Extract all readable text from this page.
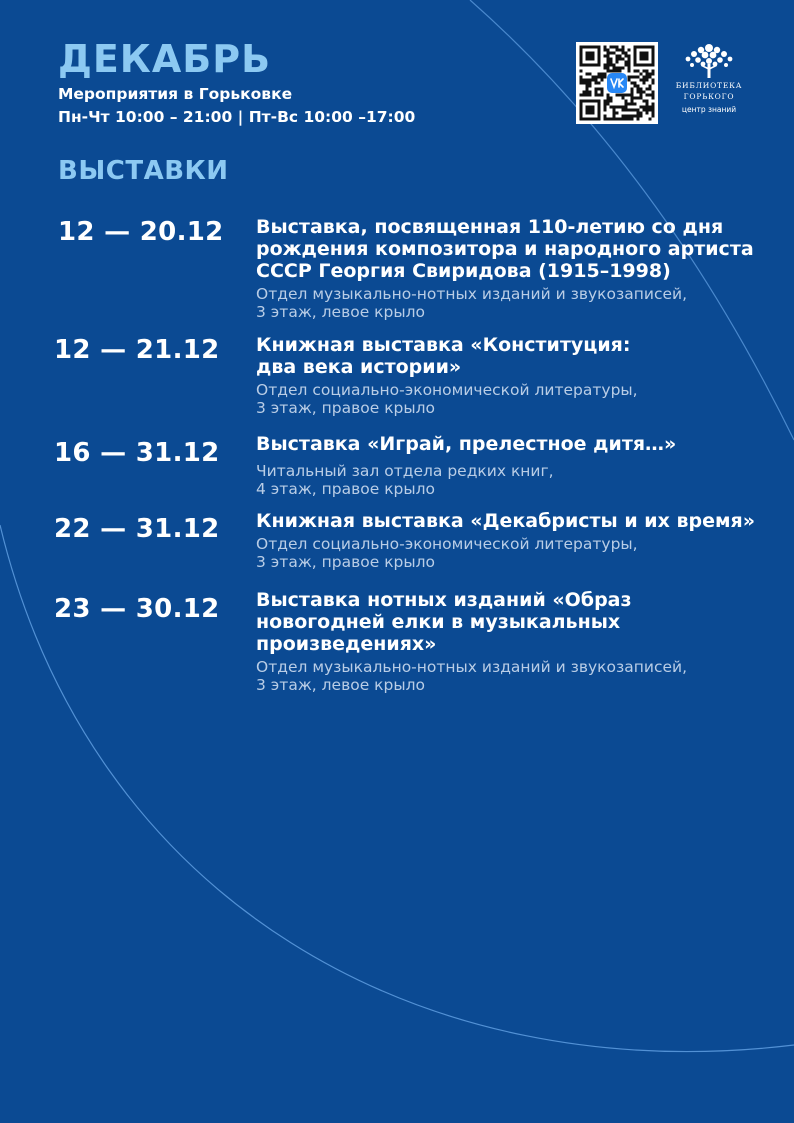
ДЕКАБРЬ
Мероприятия в Горьковке
Пн-Чт 10:00 – 21:00 | Пт-Вс 10:00 –17:00
БИБЛИОТЕКА
ГОРЬКОГО
центр знаний
ВЫСТАВКИ
12 — 20.12 Выставка, посвященная 110-летию со дня рождения композитора и народного артиста СССР Георгия Свиридова (1915–1998)
Отдел музыкально-нотных изданий и звукозаписей,
3 этаж, левое крыло
12 — 21.12 Книжная выставка «Конституция: два века истории»
Отдел социально-экономической литературы,
3 этаж, правое крыло
16 — 31.12 Выставка «Играй, прелестное дитя…»
Читальный зал отдела редких книг,
4 этаж, правое крыло
22 — 31.12 Книжная выставка «Декабристы и их время»
Отдел социально-экономической литературы,
3 этаж, правое крыло
23 — 30.12 Выставка нотных изданий «Образ новогодней елки в музыкальных произведениях»
Отдел музыкально-нотных изданий и звукозаписей,
3 этаж, левое крыло
